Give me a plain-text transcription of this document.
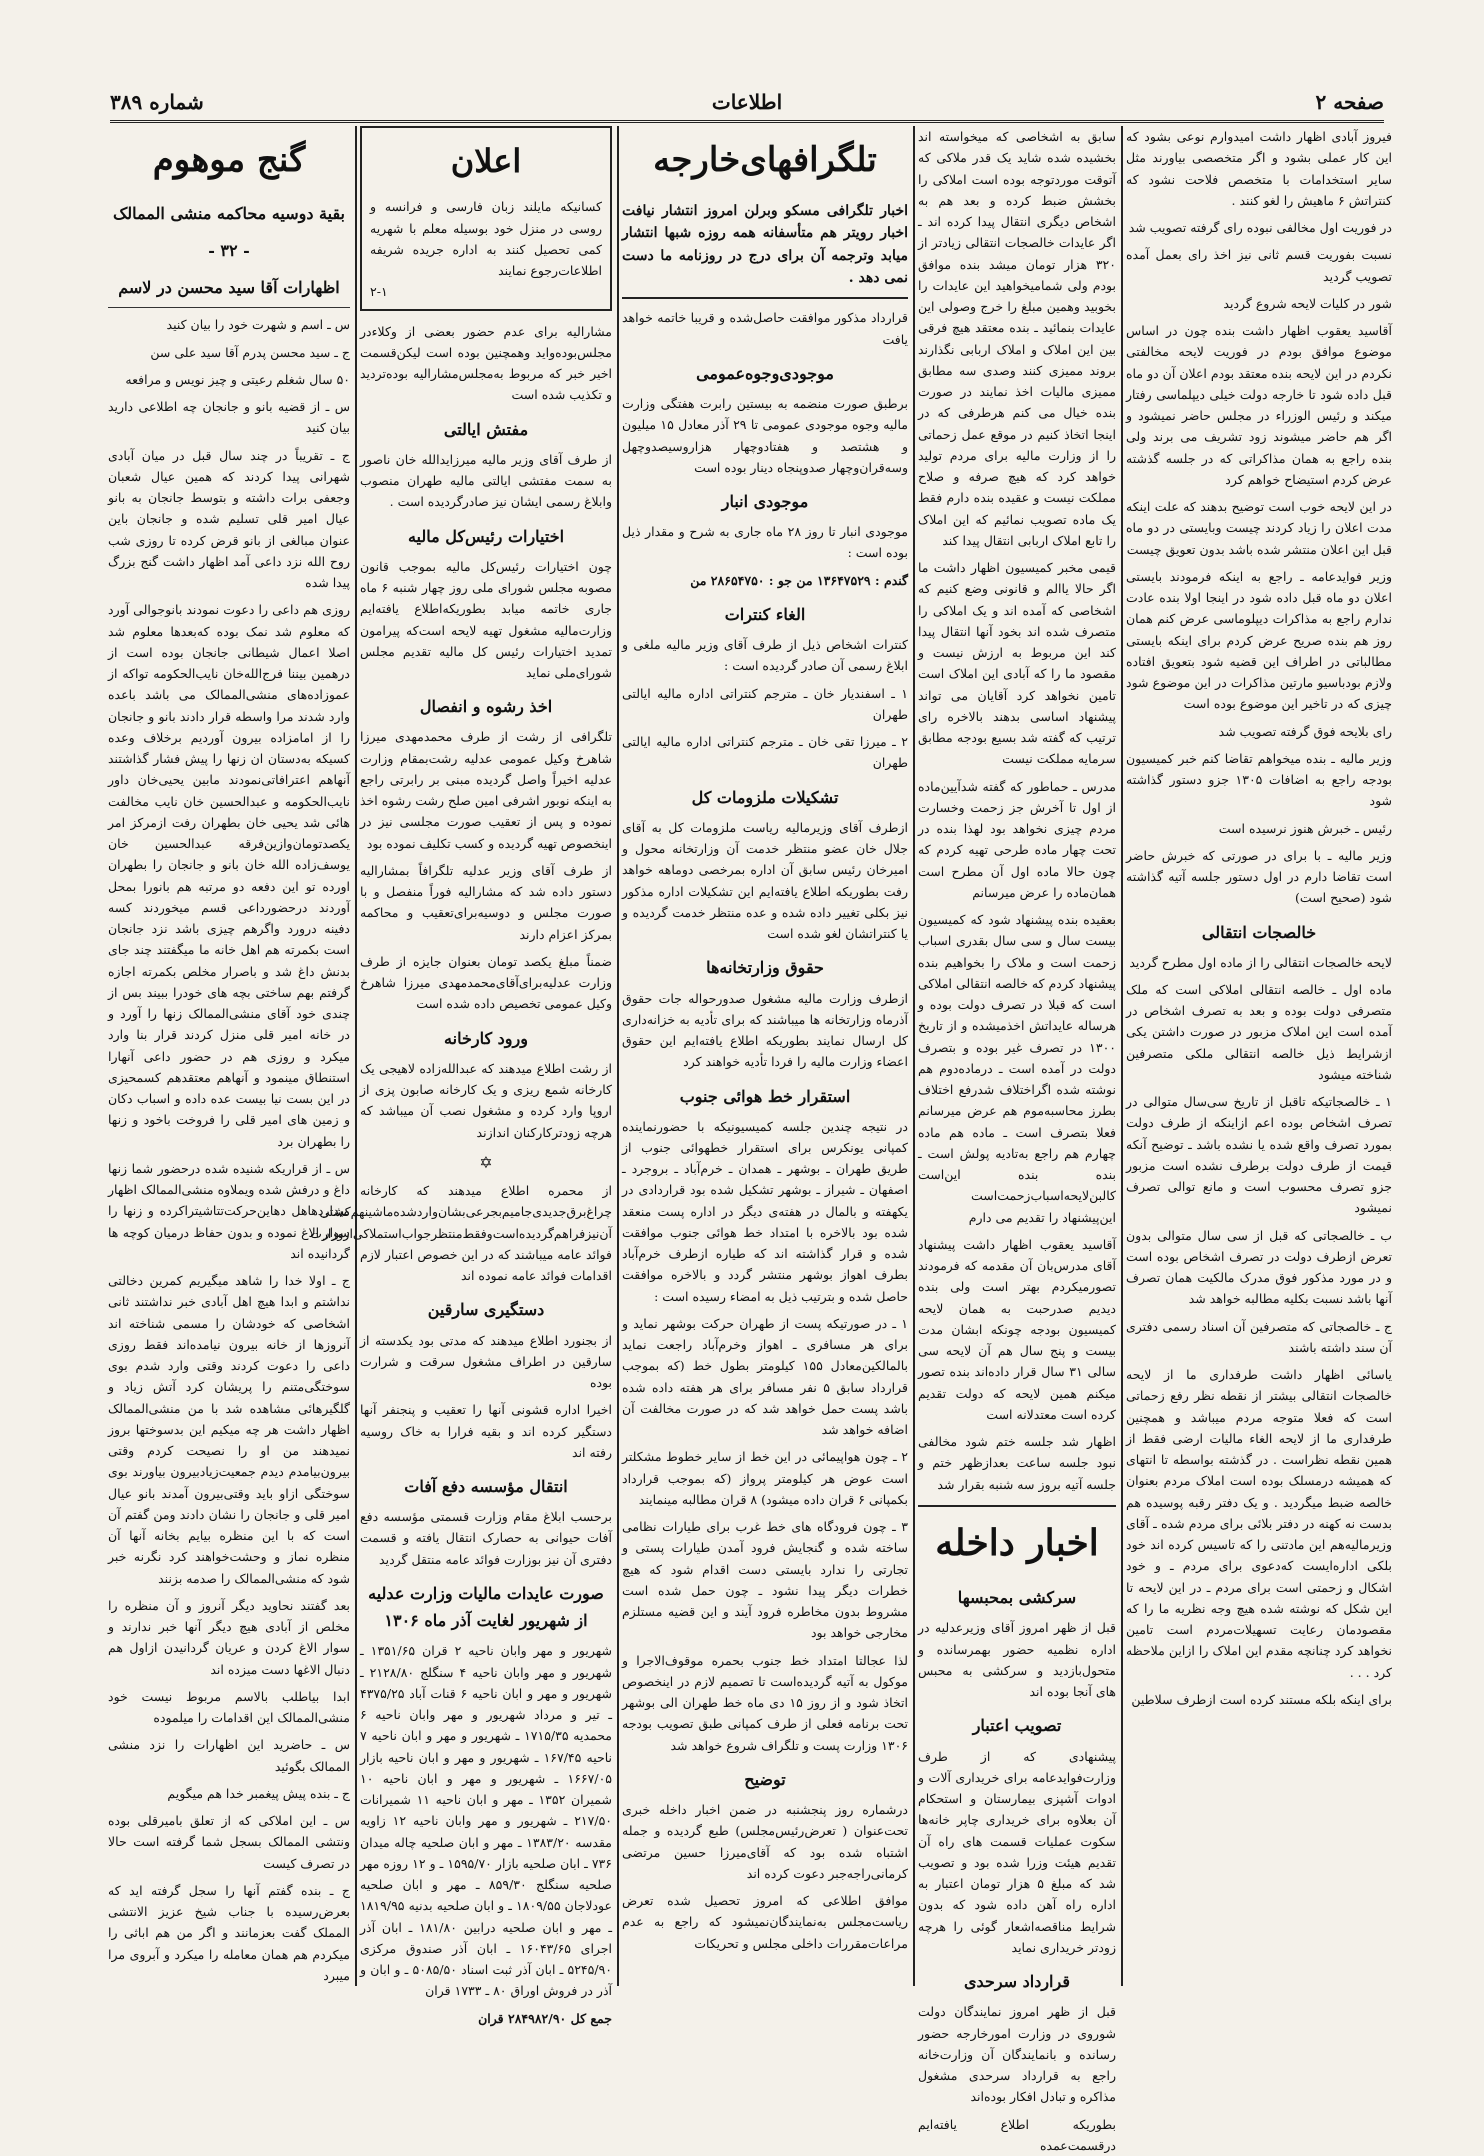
صفحه ۲
اطلاعات
شماره ۳۸۹

فیروز آبادی اظهار داشت امیدوارم نوعی بشود که این کار عملی بشود و اگر متخصصی بیاورند مثل سایر استخدامات با متخصص فلاحت نشود که کنتراتش ۶ ماهیش را لغو کنند .

در فوریت اول مخالفی نبوده رای گرفته تصویب شد

نسبت بفوریت قسم ثانی نیز اخذ رای بعمل آمده تصویب گردید

شور در کلیات لایحه شروع گردید

آقاسید یعقوب اظهار داشت بنده چون در اساس موضوع موافق بودم در فوریت لایحه مخالفتی نکردم در این لایحه بنده معتقد بودم اعلان آن دو ماه قبل داده شود تا خارجه دولت خیلی دیپلماسی رفتار میکند و رئیس الوزراء در مجلس حاضر نمیشود و اگر هم حاضر میشوند زود تشریف می برند ولی بنده راجع به همان مذاکراتی که در جلسه گذشته عرض کردم استیضاح خواهم کرد

در این لایحه خوب است توضیح بدهند که علت اینکه مدت اعلان را زیاد کردند چیست وبایستی در دو ماه قبل این اعلان منتشر شده باشد بدون تعویق چیست

وزیر فوایدعامه ـ راجع به اینکه فرمودند بایستی اعلان دو ماه قبل داده شود در اینجا اولا بنده عادت ندارم راجع به مذاکرات دیپلوماسی عرض کنم همان روز هم بنده صریح عرض کردم برای اینکه بایستی مطالباتی در اطراف این قضیه شود بتعویق افتاده ولازم بودباسیو مارتین مذاکرات در این موضوع شود چیزی که در تاخیر این موضوع بوده است

رای بلایحه فوق گرفته تصویب شد

وزیر مالیه ـ بنده میخواهم تقاضا کنم خبر کمیسیون بودجه راجع به اضافات ۱۳۰۵ جزو دستور گذاشته شود

رئیس ـ خبرش هنوز نرسیده است

وزیر مالیه ـ با برای در صورتی که خبرش حاضر است تقاضا دارم در اول دستور جلسه آتیه گذاشته شود (صحیح است)

خالصجات انتقالی

لایحه خالصجات انتقالی را از ماده اول مطرح گردید

ماده اول ـ خالصه انتقالی املاکی است که ملک متصرفی دولت بوده و بعد به تصرف اشخاص در آمده است این املاک مزبور در صورت داشتن یکی ازشرایط ذیل خالصه انتقالی ملکی متصرفین شناخته میشود

۱ ـ خالصجاتیکه تاقبل از تاریخ سی‌سال متوالی در تصرف اشخاص بوده اعم ازاینکه از طرف دولت بمورد تصرف واقع شده یا نشده باشد ـ توضیح آنکه قیمت از طرف دولت برطرف نشده است مزبور جزو تصرف محسوب است و مانع توالی تصرف نمیشود

ب ـ خالصجاتی که قبل از سی سال متوالی بدون تعرض ازطرف دولت در تصرف اشخاص بوده است و در مورد مذکور فوق مدرک مالکیت همان تصرف آنها باشد نسبت بکلیه مطالبه خواهد شد

ج ـ خالصجاتی که متصرفین آن اسناد رسمی دفتری آن سند داشته باشند

یاسائی اظهار داشت طرفداری ما از لایحه خالصجات انتقالی بیشتر از نقطه نظر رفع زحماتی است که فعلا متوجه مردم میباشد و همچنین طرفداری ما از لایحه الغاء مالیات ارضی فقط از همین نقطه نظراست . در گذشته بواسطه تا انتهای که همیشه درمسلک بوده است املاک مردم بعنوان خالصه ضبط میگردید . و یک دفتر رقبه پوسیده هم بدست نه کهنه در دفتر بلائی برای مردم شده ـ آقای وزیرمالیه‌هم این مادتنی را که تاسیس کرده اند خود بلکی اداره‌ایست که‌دعوی برای مردم ـ و خود اشکال و زحمتی است برای مردم ـ در این لایحه تا این شکل که نوشته شده هیچ وجه نظریه ما را که مقصودمان رعایت تسهیلات‌مردم است تامین نخواهد کرد چنانچه مقدم این املاک را ازاین ملاحظه کرد . . .

برای اینکه بلکه مستند کرده است ازطرف سلاطین

سابق به اشخاصی که میخواسته اند بخشیده شده شاید یک قدر ملاکی که آتوقت موردتوجه بوده است املاکی را بخشش ضبط کرده و بعد هم به اشخاص دیگری انتقال پیدا کرده اند ـ اگر عایدات خالصجات انتقالی زیادتر از ۳۲۰ هزار تومان میشد بنده موافق بودم ولی شمامیخواهید این عایدات را بخوبید وهمین مبلغ را خرج وصولی این عایدات بنمائید ـ بنده معتقد هیچ فرقی بین این املاک و املاک اربابی نگذارند بروند ممیزی کنند وصدی سه مطابق ممیزی مالیات اخذ نمایند در صورت بنده خیال می کنم هرطرفی که در اینجا اتخاذ کنیم در موقع عمل زحماتی را از وزارت مالیه برای مردم تولید خواهد کرد که هیچ صرفه و صلاح مملکت نیست و عقیده بنده دارم فقط یک ماده تصویب نمائیم که این املاک را تابع املاک اربابی انتقال پیدا کند

قیمی مخبر کمیسیون اظهار داشت ما اگر حالا یاالم و قانونی وضع کنیم که اشخاصی که آمده اند و یک املاکی را متصرف شده اند بخود آنها انتقال پیدا کند این مربوط به ارزش نیست و مقصود ما را که آبادی این املاک است تامین نخواهد کرد آقایان می تواند پیشنهاد اساسی بدهند بالاخره رای ترتیب که گفته شد بسیع بودجه مطابق سرمایه مملکت نیست

مدرس ـ حماطور که گفته شدآیین‌ماده از اول تا آخرش جز زحمت وخسارت مردم چیزی نخواهد بود لهذا بنده در تحت چهار ماده طرحی تهیه کردم که چون حالا ماده اول آن مطرح است همان‌ماده را عرض میرسانم

بعقیده بنده پیشنهاد شود که کمیسیون بیست سال و سی سال بقدری اسباب زحمت است و ملاک را بخواهیم بنده پیشنهاد کردم که خالصه انتقالی املاکی است که قبلا در تصرف دولت بوده و هرساله عایداتش اخذمیشده و از تاریخ ۱۳۰۰ در تصرف غیر بوده و بتصرف دولت در آمده است ـ درماده‌دوم هم نوشته شده اگراختلاف شدرفع اختلاف بطرز محاسبه‌موم هم عرض میرسانم فعلا بتصرف است ـ ماده هم ماده چهارم هم راجع به‌تادیه پولش است ـ بنده بنده این‌است کالبن‌لایحه‌اسباب‌زحمت‌است این‌پیشنهاد را تقدیم می دارم

آقاسید یعقوب اظهار داشت پیشنهاد آقای مدرس‌بان آن مقدمه که فرمودند تصورمیکردم بهتر است ولی بنده دیدیم صدرحبت به همان لایحه کمیسیون بودجه چونکه ابشان مدت بیست و پنج سال هم آن لایحه سی سالی ۳۱ سال قرار داده‌اند بنده تصور میکنم همین لایحه که دولت تقدیم کرده است معتدلانه است

اظهار شد جلسه ختم شود مخالفی نبود جلسه ساعت بعدازظهر ختم و جلسه آتیه بروز سه شنبه بقرار شد

اخبار داخله
سرکشی بمحبسها

قبل از ظهر امروز آقای وزیرعدلیه در اداره نظمیه حضور بهمرسانده و متحول‌بازدید و سرکشی به محبس های آنجا بوده اند

تصویب اعتبار

پیشنهادی که از طرف وزارت‌فوایدعامه برای خریداری آلات و ادوات آشپزی بیمارستان و استحکام آن بعلاوه برای خریداری چاپر خانه‌ها سکوت عملیات قسمت های راه آن تقدیم هیئت وزرا شده بود و تصویب شد که مبلغ ۵ هزار تومان اعتبار به اداره راه آهن داده شود که بدون شرایط مناقصه‌اشعار گوئی را هرچه زودتر خریداری نماید

قرارداد سرحدی

قبل از ظهر امروز نمایندگان دولت شوروی در وزارت امورخارجه حضور رسانده و بانمایندگان آن وزارت‌خانه راجع به قرارداد سرحدی مشغول مذاکره و تبادل افکار بوده‌اند

بطوریکه اطلاع یافته‌ایم درقسمت‌عمده

تلگرافهای‌خارجه
اخبار تلگرافی مسکو وبرلن امروز انتشار نیافت اخبار رویتر هم متأسفانه همه روزه شبها انتشار میابد وترجمه آن برای درج در روزنامه ما دست نمی دهد .

قرارداد مذکور موافقت حاصل‌شده و قریبا خاتمه خواهد یافت

موجودی‌وجوه‌عمومی

برطبق صورت منضمه به بیستین رابرت هفتگی وزارت مالیه وجوه موجودی عمومی تا ۲۹ آذر معادل ۱۵ میلیون و هشتصد و هفتادوچهار هزاروسیصدوچهل وسه‌قران‌وچهار صدوپنجاه دینار بوده است

موجودی انبار

موجودی انبار تا روز ۲۸ ماه جاری به شرح و مقدار ذیل بوده است :

گندم : ۱۳۶۴۷۵۲۹ من جو : ۲۸۶۵۴۷۵۰ من

الغاء کنترات

کنترات اشخاص ذیل از طرف آقای وزیر مالیه ملغی و ابلاغ رسمی آن صادر گردیده است :

۱ ـ اسفندیار خان ـ مترجم کنتراتی اداره مالیه ایالتی طهران

۲ ـ میرزا تقی خان ـ مترجم کنتراتی اداره مالیه ایالتی طهران

تشکیلات ملزومات کل

ازطرف آقای وزیرمالیه ریاست ملزومات کل به آقای جلال خان عضو منتظر خدمت آن وزارتخانه محول و امیرخان رئیس سابق آن اداره بمرخصی دوماهه خواهد رفت بطوریکه اطلاع یافته‌ایم این تشکیلات اداره مذکور نیز بکلی تغییر داده شده و عده منتظر خدمت گردیده و یا کنتراتشان لغو شده است

حقوق وزارتخانه‌ها

ازطرف وزارت مالیه مشغول صدورحواله جات حقوق آذرماه وزارتخانه ها میباشند که برای تأدیه به خزانه‌داری کل ارسال نمایند بطوریکه اطلاع یافته‌ایم این حقوق اعضاء وزارت مالیه را فردا تأدیه خواهند کرد

استقرار خط هوائی جنوب

در نتیجه چندین جلسه کمیسیونیکه با حضورنماینده کمپانی یونکرس برای استقرار خطهوائی جنوب از طریق طهران ـ بوشهر ـ همدان ـ خرم‌آباد ـ بروجرد ـ اصفهان ـ شیراز ـ بوشهر تشکیل شده بود قراردادی در یکهفته و بالمال در هفته‌ی دیگر در اداره پست منعقد شده بود بالاخره با امتداد خط هوائی جنوب موافقت شده و قرار گذاشته اند که طیاره ازطرف خرم‌آباد بطرف اهواز بوشهر منتشر گردد و بالاخره موافقت حاصل شده و بترتیب ذیل به امضاء رسیده است :

۱ ـ در صورتیکه پست از طهران حرکت بوشهر نماید و برای هر مسافری ـ اهواز وخرم‌آباد راجعت نماید بالمالکین‌معادل ۱۵۵ کیلومتر بطول خط (که بموجب قرارداد سابق ۵ نفر مسافر برای هر هفته داده شده باشد پست حمل خواهد شد که در صورت مخالفت آن اضافه خواهد شد

۲ ـ چون هواپیمائی در این خط از سایر خطوط مشکلتر است عوض هر کیلومتر پرواز (که بموجب قرارداد بکمپانی ۶ قران داده میشود) ۸ قران مطالبه مینمایند

۳ ـ چون فرودگاه های خط غرب برای طیارات نظامی ساخته شده و گنجایش فرود آمدن طیارات پستی و تجارتی را ندارد بایستی دست اقدام شود که هیچ خطرات دیگر پیدا نشود ـ چون حمل شده است مشروط بدون مخاطره فرود آیند و این قضیه مستلزم مخارجی خواهد بود

لذا عجالتا امتداد خط جنوب بحمره موقوف‌الاجرا و موکول به آتیه گردیده‌است تا تصمیم لازم در اینخصوص اتخاذ شود و از روز ۱۵ دی ماه خط طهران الی بوشهر تحت برنامه فعلی از طرف کمپانی طبق تصویب بودجه ۱۳۰۶ وزارت پست و تلگراف شروع خواهد شد

توضیح

درشماره روز پنجشنبه در ضمن اخبار داخله خبری تحت‌عنوان ( تعرض‌رئیس‌مجلس) طبع گردیده و جمله اشتباه شده بود که آقای‌میرزا حسین مرتضی کرمانی‌راجه‌جبر دعوت کرده اند

موافق اطلاعی که امروز تحصیل شده تعرض ریاست‌مجلس به‌نمایندگان‌نمیشود که راجع به عدم مراعات‌مقررات داخلی مجلس و تحریکات

اعلان
کسانیکه مایلند زبان فارسی و فرانسه و روسی در منزل خود بوسیله معلم با شهریه کمی تحصیل کنند به اداره جریده شریفه اطلاعات‌رجوع نمایند
۲-۱

مشارالیه برای عدم حضور بعضی از وکلاءدر مجلس‌بوده‌واید وهمچنین بوده است لیکن‌قسمت اخیر خبر که مربوط به‌مجلس‌مشارالیه بوده‌تردید و تکذیب شده است

مفتش ایالتی

از طرف آقای وزیر مالیه میرزاید‌الله خان ناصور به سمت مفتشی ایالتی مالیه طهران منصوب وابلاغ رسمی ایشان نیز صادرگردیده است .

اختیارات رئیس‌کل مالیه

چون اختیارات رئیس‌کل مالیه بموجب قانون مصوبه مجلس شورای ملی روز چهار شنبه ۶ ماه جاری خاتمه میابد بطوریکه‌اطلاع یافته‌ایم وزارت‌مالیه مشغول تهیه لایحه است‌که پیرامون تمدید اختیارات رئیس کل مالیه تقدیم مجلس شورای‌ملی نماید

اخذ رشوه و انفصال

تلگرافی از رشت از طرف محمدمهدی میرزا شاهرخ وکیل عمومی عدلیه رشت‌بمقام وزارت عدلیه اخیراً واصل گردیده مبنی بر رابرتی راجع به اینکه نوبور اشرفی امین صلح رشت رشوه اخذ نموده و پس از تعقیب صورت مجلسی نیز در اینخصوص تهیه گردیده و کسب تکلیف نموده بود

از طرف آقای وزیر عدلیه تلگرافاً بمشارالیه دستور داده شد که مشارالیه فوراً منفصل و با صورت مجلس و دوسیه‌برای‌تعقیب و محاکمه بمرکز اعزام دارند

ضمناً مبلغ یکصد تومان بعنوان جایزه از طرف وزارت عدلیه‌برای‌آقای‌محمدمهدی میرزا شاهرخ وکیل عمومی تخصیص داده شده است

ورود کارخانه

از رشت اطلاع میدهند که عبدالله‌زاده لاهیجی یک کارخانه شمع ریزی و یک کارخانه صابون پزی از اروپا وارد کرده و مشغول نصب آن میباشد که هرچه زودترکارکنان اندازند

✡

از محمره اطلاع میدهند که کارخانه چراغ‌برق‌جدیدی‌جامیم‌بجرعی‌بشان‌وارد‌شده‌ماشینهم‌کشتی آن‌نیزفراهم‌گردیده‌است‌وفقط‌منتظر‌جواب‌استملاکی‌ازوزارت فوائد عامه میباشند که در این خصوص اعتبار لازم اقدامات فوائد عامه نموده اند

دستگیری سارقین

از بجنورد اطلاع میدهند که مدتی بود یکدسته از سارقین در اطراف مشغول سرقت و شرارت بوده

اخیرا اداره قشونی آنها را تعقیب و پنجنفر آنها دستگیر کرده اند و بقیه فرارا به خاک روسیه رفته اند

انتقال مؤسسه دفع آفات

برحسب ابلاغ مقام وزارت قسمتی مؤسسه دفع آفات حیوانی به حصارک انتقال یافته و قسمت دفتری آن نیز بوزارت فوائد عامه منتقل گردید

صورت عایدات مالیات وزارت عدلیه از شهریور لغایت آذر ماه ۱۳۰۶

شهریور و مهر وابان ناحیه ۲ قران ۱۳۵۱/۶۵ ـ شهریور و مهر وابان ناحیه ۴ سنگلج ۲۱۲۸/۸۰ ـ شهریور و مهر و ابان ناحیه ۶ قنات آباد ۴۳۷۵/۲۵ ـ تیر و مرداد شهریور و مهر وابان ناحیه ۶ محمدیه ۱۷۱۵/۳۵ ـ شهریور و مهر و ابان ناحیه ۷ ناحیه ۱۶۷/۴۵ ـ شهریور و مهر و ابان ناحیه بازار ۱۶۶۷/۰۵ ـ شهریور و مهر و ابان ناحیه ۱۰ شمیران ۱۳۵۲ ـ مهر و ابان ناحیه ۱۱ شمیرانات ۲۱۷/۵۰ ـ شهریور و مهر وابان ناحیه ۱۲ زاویه مقدسه ۱۳۸۳/۲۰ ـ مهر و ابان صلحیه چاله میدان ۷۳۶ ـ ابان صلحیه بازار ۱۵۹۵/۷۰ ـ و ۱۲ روزه مهر صلحیه سنگلج ۸۵۹/۳۰ ـ مهر و ابان صلحیه عودلاجان ۱۸۰۹/۵۵ ـ و ابان صلحیه بدنیه ۱۸۱۹/۹۵ ـ مهر و ابان صلحیه درابین ۱۸۱/۸۰ ـ ابان آذر اجرای ۱۶۰۴۳/۶۵ ـ ابان آذر صندوق مرکزی ۵۲۴۵/۹۰ ـ ابان آذر ثبت اسناد ۵۰۸۵/۵۰ ـ و ابان و آذر در فروش اوراق ۸۰ ـ ۱۷۳۳ قران

جمع کل ۲۸۴۹۸۲/۹۰ قران

گنج موهوم
بقیة دوسیه محاکمه منشی الممالک
- ۳۲ -
اظهارات آقا سید محسن در لاسم

س ـ اسم و شهرت خود را بیان کنید

ج ـ سید محسن پدرم آقا سید علی سن

۵۰ سال شغلم رعیتی و چیز نویس و مرافعه

س ـ از قضیه بانو و جانجان چه اطلاعی دارید بیان کنید

ج ـ تقریباً در چند سال قبل در میان آبادی شهرانی پیدا کردند که همین عیال شعبان وجعفی برات داشته و بتوسط جانجان به بانو عیال امیر قلی تسلیم شده و جانجان باین عنوان مبالغی از بانو قرض کرده تا روزی شب روح الله نزد داعی آمد اظهار داشت گنج بزرگ پیدا شده

روزی هم داعی را دعوت نمودند بانوجوالی آورد که معلوم شد نمک بوده که‌بعدها معلوم شد اصلا اعمال شیطانی جانجان بوده است از درهمین بیننا فرج‌الله‌خان نایب‌الحکومه تواکه از عموزاده‌های منشی‌الممالک می باشد باعده وارد شدند مرا واسطه قرار دادند بانو و جانجان را از امامزاده بیرون آوردیم برخلاف وعده‌ کسیکه به‌دستان ان زنها را پیش فشار گذاشتند آنهاهم اعترافاتی‌نمودند مابین یحیی‌خان داور نایب‌الحکومه و عبدالحسین خان نایب مخالفت هائی شد یحیی خان بطهران رفت ازمرکز امر یکصدتومان‌وازین‌فرقه عبدالحسین خان یوسف‌زاده الله خان بانو و جانجان را بطهران اورده تو این دفعه دو مرتبه هم بانورا بمحل آوردند درحضورداعی قسم میخوردند کسه دفینه درورد واگرهم چیزی باشد نزد جانجان است بکمرته هم اهل خانه ما میگفتند چند جای بدنش داغ شد و باصرار مخلص بکمرته اجازه گرفتم بهم ساختی بچه های خودرا ببیند بس از چندی خود آقای منشی‌الممالک زنها را آورد و در خانه امیر قلی منزل کردند قرار بنا وارد میکرد و روزی هم در حضور داعی آنهارا استنطاق مینمود و آنهاهم معتقدهم کسمحیزی در این بست نیا بیست عده داده و اسباب دکان و زمین های امیر قلی را فروخت باخود و زنها را بطهران برد

س ـ از قراریکه شنیده شده درحضور شما زنها داغ و درفش شده ویملاوه منشی‌الممالک اظهار میداردهاهل دهاین‌حرکت‌تتاشیتراکرده و زنها را سوار الاغ نموده و بدون حفاظ درمیان کوچه ها گردانیده اند

ج ـ اولا خدا را شاهد میگیریم کمرین دخالتی نداشتم و ابدا هیچ اهل آبادی خبر نداشتند ثانی اشخاصی که خودشان را مسمی شناخته اند آنروزها از خانه بیرون نیامده‌اند فقط روزی داعی را دعوت کردند وقتی وارد شدم بوی سوختگی‌متنم را پریشان کرد آتش زیاد و گلگیرهائی مشاهده شد با من منشی‌الممالک اظهار داشت هر چه میکیم این بدسوختها بروز نمیدهند من او را نصیحت کردم وقتی بیرون‌بیامدم دیدم جمعیت‌زیادبیرون بیاورند بوی سوختگی ازاو باید وقتی‌بیرون آمدند بانو عیال امیر قلی و جانجان را نشان دادند ومن گفتم آن است که با این منظره بیایم بخانه آنها آن منظره نماز و وحشت‌خواهند کرد نگرنه خبر شود که منشی‌الممالک را صدمه بزنند

بعد گفتند نحاوید دیگر آنروز و آن منظره را مخلص از آبادی هیچ دیگر آنها خبر ندارند و سوار الاغ کردن و عریان گردانیدن ازاول هم دنبال الاغها دست میزده اند

ابدا بیاطلب بالاسم مربوط نیست خود منشی‌الممالک این اقدامات را میلموده

س ـ حاضرید این اظهارات را نزد منشی الممالک بگوئید

ج ـ بنده پیش پیغمبر خدا هم میگویم

س ـ این املاکی که از تعلق بامیرقلی بوده ونتشی الممالک بسجل شما گرفته است حالا در تصرف کیست

ج ـ بنده گفتم آنها را سجل گرفته اید که بعرض‌رسیده با جناب شیخ عزیز الانتشی المملک گفت بعزمانند و اگر من هم اباثی را میکردم هم همان معامله را میکرد و آبروی مرا میبرد
